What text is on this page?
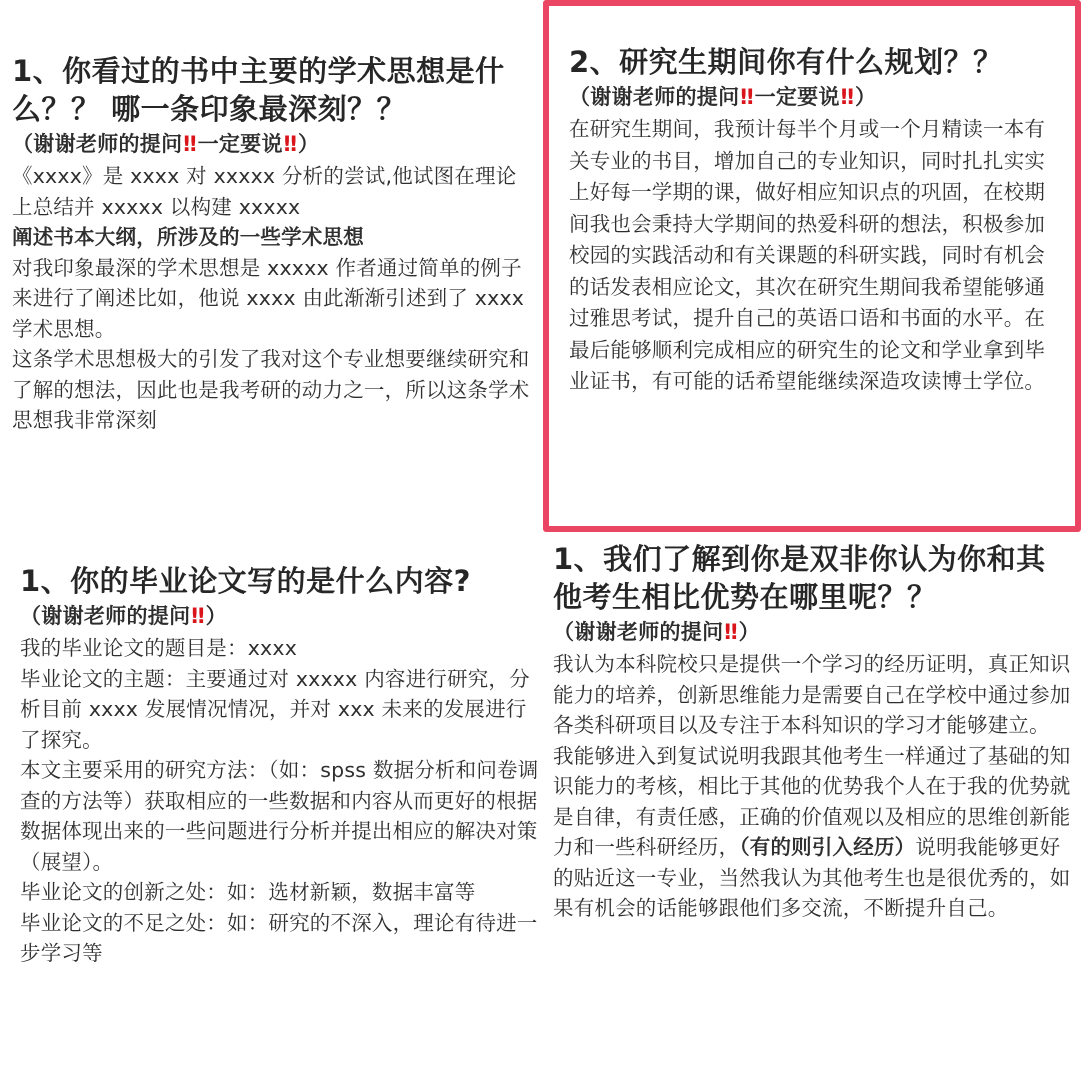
1、你看过的书中主要的学术思想是什么？？ 哪一条印象最深刻？？
（谢谢老师的提问‼ 一定要说‼ ）

《xxxx》是 xxxx 对 xxxxx 分析的尝试,他试图在理论上总结并 xxxxx 以构建 xxxxx

阐述书本大纲，所涉及的一些学术思想

对我印象最深的学术思想是 xxxxx 作者通过简单的例子来进行了阐述比如，他说 xxxx 由此渐渐引述到了 xxxx 学术思想。

这条学术思想极大的引发了我对这个专业想要继续研究和了解的想法，因此也是我考研的动力之一，所以这条学术思想我非常深刻

2、研究生期间你有什么规划？？
（谢谢老师的提问‼ 一定要说‼ ）

在研究生期间，我预计每半个月或一个月精读一本有关专业的书目，增加自己的专业知识，同时扎扎实实上好每一学期的课，做好相应知识点的巩固，在校期间我也会秉持大学期间的热爱科研的想法，积极参加校园的实践活动和有关课题的科研实践，同时有机会的话发表相应论文，其次在研究生期间我希望能够通过雅思考试，提升自己的英语口语和书面的水平。在最后能够顺利完成相应的研究生的论文和学业拿到毕业证书，有可能的话希望能继续深造攻读博士学位。

1、你的毕业论文写的是什么内容?
（谢谢老师的提问‼ ）

我的毕业论文的题目是：xxxx

毕业论文的主题：主要通过对 xxxxx 内容进行研究，分析目前 xxxx 发展情况情况，并对 xxx 未来的发展进行了探究。

本文主要采用的研究方法：（如：spss 数据分析和问卷调查的方法等）获取相应的一些数据和内容从而更好的根据数据体现出来的一些问题进行分析并提出相应的解决对策（展望）。

毕业论文的创新之处：如：选材新颖，数据丰富等

毕业论文的不足之处：如：研究的不深入，理论有待进一步学习等

1、我们了解到你是双非你认为你和其他考生相比优势在哪里呢？？
（谢谢老师的提问‼ ）

我认为本科院校只是提供一个学习的经历证明，真正知识能力的培养，创新思维能力是需要自己在学校中通过参加各类科研项目以及专注于本科知识的学习才能够建立。

我能够进入到复试说明我跟其他考生一样通过了基础的知识能力的考核，相比于其他的优势我个人在于我的优势就是自律，有责任感，正确的价值观以及相应的思维创新能力和一些科研经历，（有的则引入经历）说明我能够更好的贴近这一专业，当然我认为其他考生也是很优秀的，如果有机会的话能够跟他们多交流，不断提升自己。
